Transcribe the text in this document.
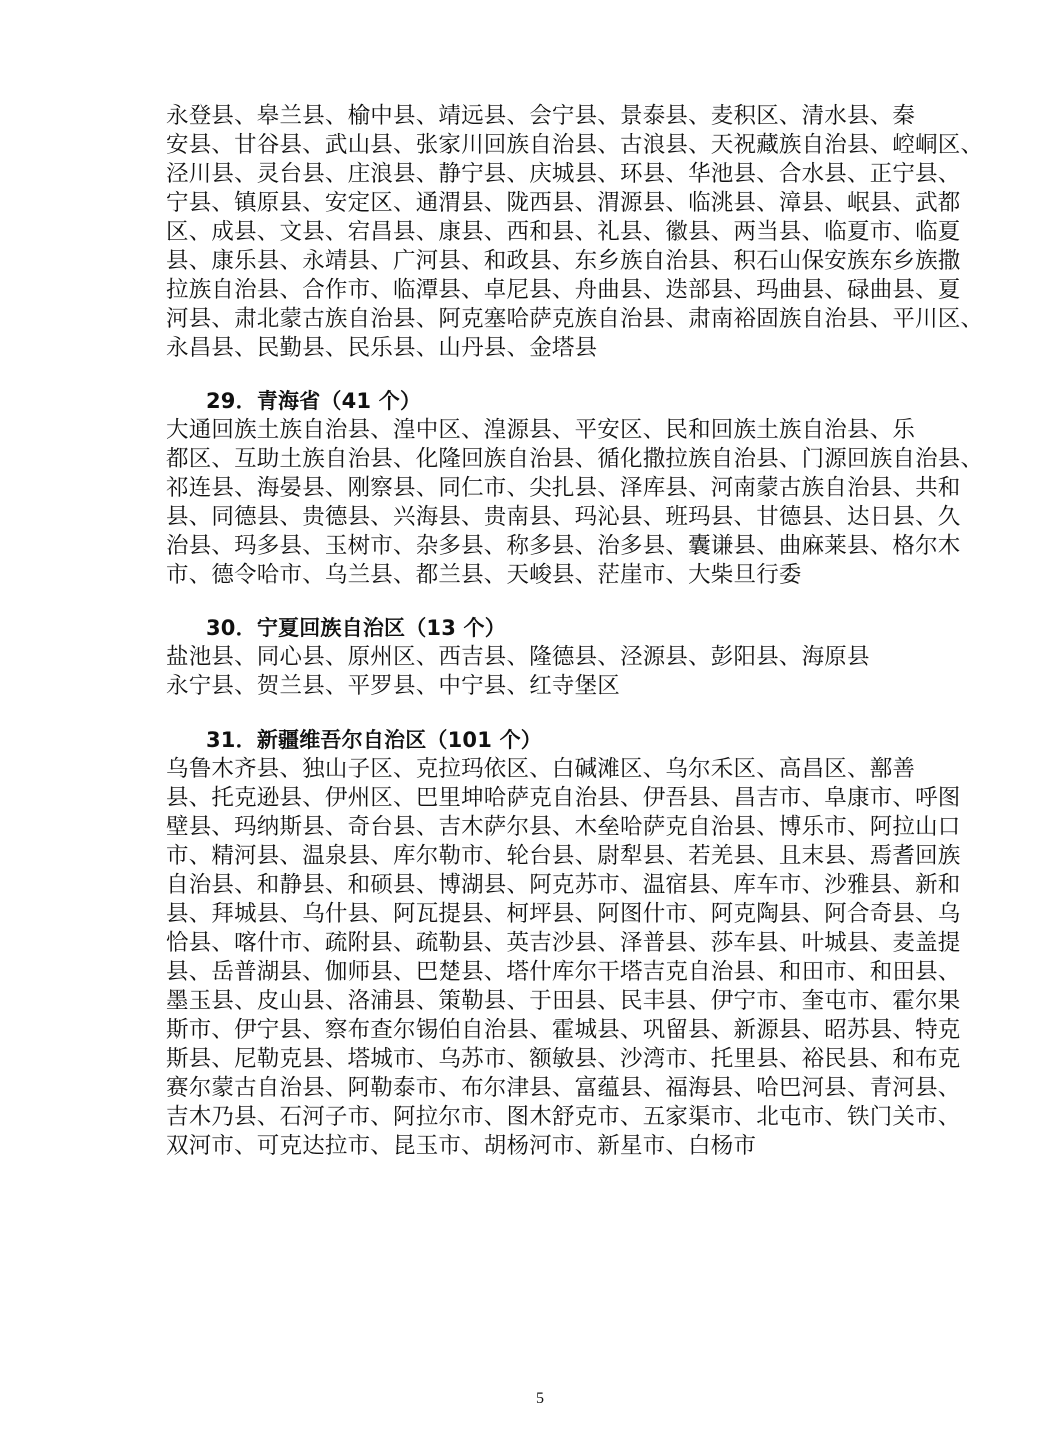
永登县、皋兰县、榆中县、靖远县、会宁县、景泰县、麦积区、清水县、秦
安县、甘谷县、武山县、张家川回族自治县、古浪县、天祝藏族自治县、崆峒区、
泾川县、灵台县、庄浪县、静宁县、庆城县、环县、华池县、合水县、正宁县、
宁县、镇原县、安定区、通渭县、陇西县、渭源县、临洮县、漳县、岷县、武都
区、成县、文县、宕昌县、康县、西和县、礼县、徽县、两当县、临夏市、临夏
县、康乐县、永靖县、广河县、和政县、东乡族自治县、积石山保安族东乡族撒
拉族自治县、合作市、临潭县、卓尼县、舟曲县、迭部县、玛曲县、碌曲县、夏
河县、肃北蒙古族自治县、阿克塞哈萨克族自治县、肃南裕固族自治县、平川区、
永昌县、民勤县、民乐县、山丹县、金塔县
29．青海省（41 个）
大通回族土族自治县、湟中区、湟源县、平安区、民和回族土族自治县、乐
都区、互助土族自治县、化隆回族自治县、循化撒拉族自治县、门源回族自治县、
祁连县、海晏县、刚察县、同仁市、尖扎县、泽库县、河南蒙古族自治县、共和
县、同德县、贵德县、兴海县、贵南县、玛沁县、班玛县、甘德县、达日县、久
治县、玛多县、玉树市、杂多县、称多县、治多县、囊谦县、曲麻莱县、格尔木
市、德令哈市、乌兰县、都兰县、天峻县、茫崖市、大柴旦行委
30．宁夏回族自治区（13 个）
盐池县、同心县、原州区、西吉县、隆德县、泾源县、彭阳县、海原县
永宁县、贺兰县、平罗县、中宁县、红寺堡区
31．新疆维吾尔自治区（101 个）
乌鲁木齐县、独山子区、克拉玛依区、白碱滩区、乌尔禾区、高昌区、鄯善
县、托克逊县、伊州区、巴里坤哈萨克自治县、伊吾县、昌吉市、阜康市、呼图
壁县、玛纳斯县、奇台县、吉木萨尔县、木垒哈萨克自治县、博乐市、阿拉山口
市、精河县、温泉县、库尔勒市、轮台县、尉犁县、若羌县、且末县、焉耆回族
自治县、和静县、和硕县、博湖县、阿克苏市、温宿县、库车市、沙雅县、新和
县、拜城县、乌什县、阿瓦提县、柯坪县、阿图什市、阿克陶县、阿合奇县、乌
恰县、喀什市、疏附县、疏勒县、英吉沙县、泽普县、莎车县、叶城县、麦盖提
县、岳普湖县、伽师县、巴楚县、塔什库尔干塔吉克自治县、和田市、和田县、
墨玉县、皮山县、洛浦县、策勒县、于田县、民丰县、伊宁市、奎屯市、霍尔果
斯市、伊宁县、察布查尔锡伯自治县、霍城县、巩留县、新源县、昭苏县、特克
斯县、尼勒克县、塔城市、乌苏市、额敏县、沙湾市、托里县、裕民县、和布克
赛尔蒙古自治县、阿勒泰市、布尔津县、富蕴县、福海县、哈巴河县、青河县、
吉木乃县、石河子市、阿拉尔市、图木舒克市、五家渠市、北屯市、铁门关市、
双河市、可克达拉市、昆玉市、胡杨河市、新星市、白杨市
5
